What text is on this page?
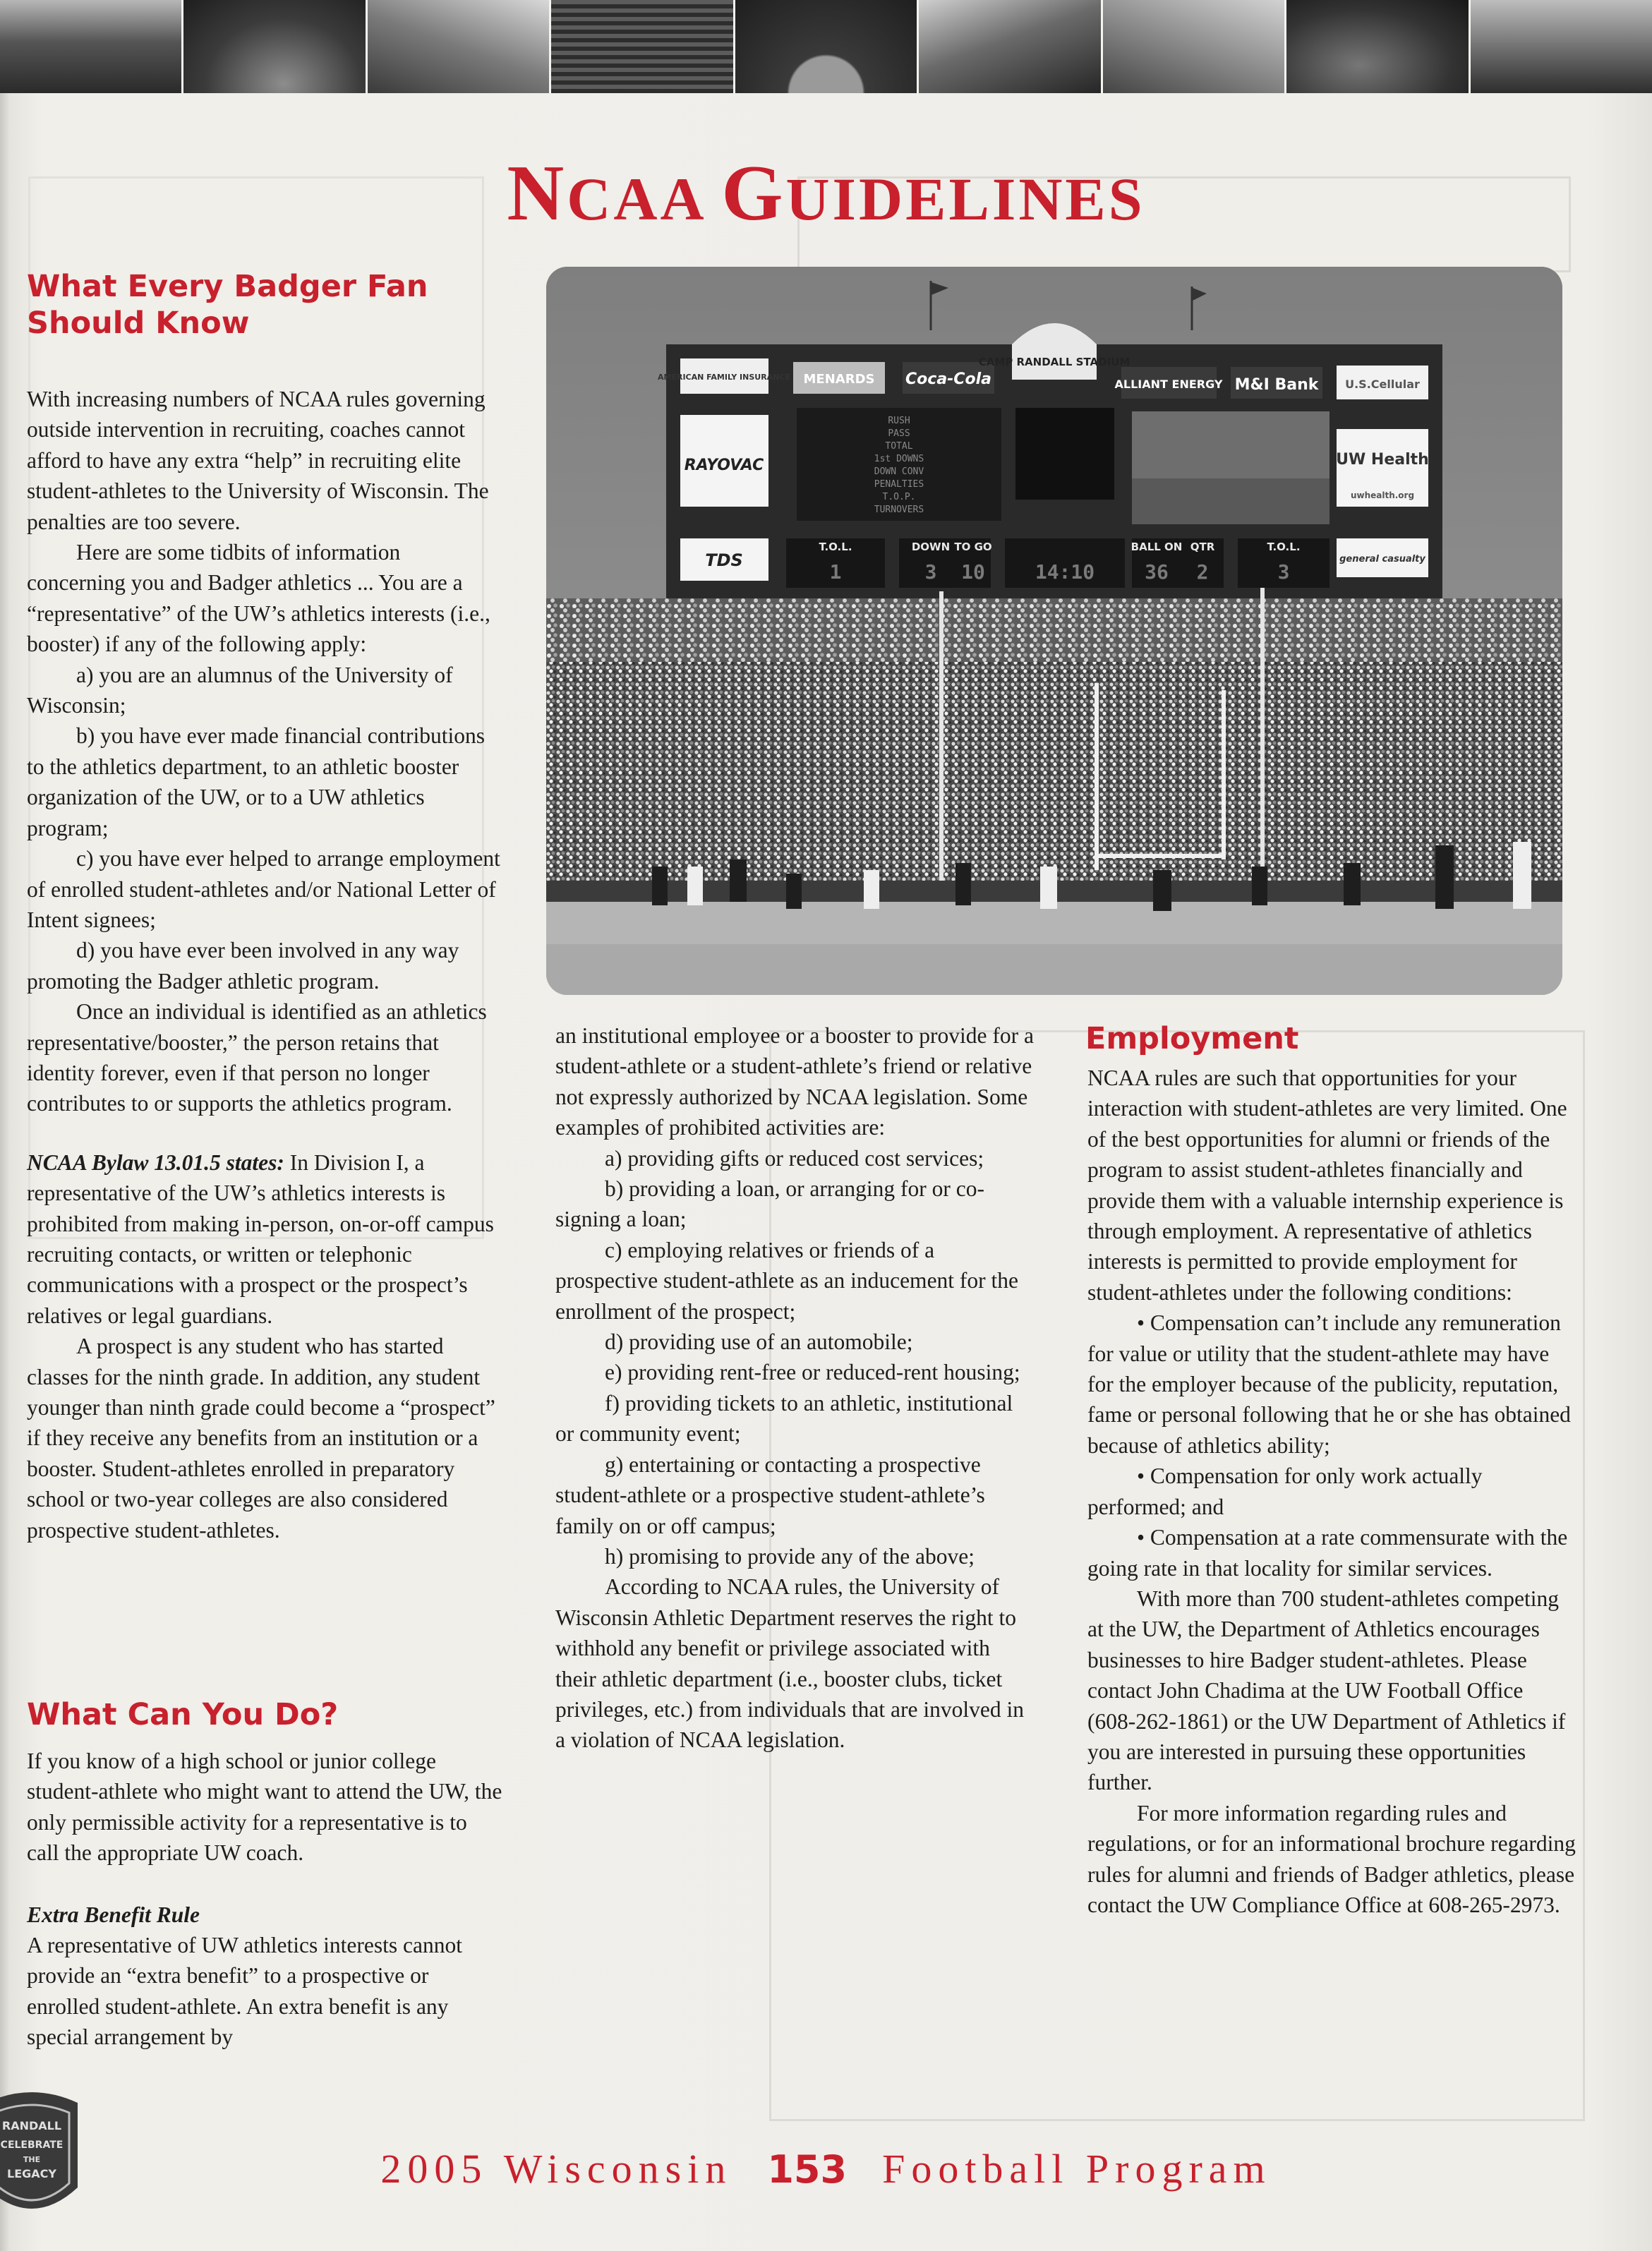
NCAA GUIDELINES
What Every Badger Fan
Should Know

With increasing numbers of NCAA rules governing outside intervention in recruiting, coaches cannot afford to have any extra “help” in recruiting elite student-athletes to the University of Wisconsin. The penalties are too severe.

Here are some tidbits of information concerning you and Badger athletics ... You are a “representative” of the UW’s athletics interests (i.e., booster) if any of the following apply:

a) you are an alumnus of the University of Wisconsin;

b) you have ever made financial contributions to the athletics department, to an athletic booster organization of the UW, or to a UW athletics program;

c) you have ever helped to arrange employment of enrolled student-athletes and/or National Letter of Intent signees;

d) you have ever been involved in any way promoting the Badger athletic program.

Once an individual is identified as an athletics representative/booster,” the person retains that identity forever, even if that person no longer contributes to or supports the athletics program.

NCAA Bylaw 13.01.5 states: In Division I, a representative of the UW’s athletics interests is prohibited from making in-person, on-or-off campus recruiting contacts, or written or telephonic communications with a prospect or the prospect’s relatives or legal guardians.

A prospect is any student who has started classes for the ninth grade. In addition, any student younger than ninth grade could become a “prospect” if they receive any benefits from an institution or a booster. Student-athletes enrolled in preparatory school or two-year colleges are also considered prospective student-athletes.

What Can You Do?

If you know of a high school or junior college student-athlete who might want to attend the UW, the only permissible activity for a representative is to call the appropriate UW coach.

Extra Benefit Rule

A representative of UW athletics interests cannot provide an “extra benefit” to a prospective or enrolled student-athlete. An extra benefit is any special arrangement by

AMERICAN FAMILY INSURANCE
RAYOVAC
TDS
MENARDS Coca-Cola	ALLIANT ENERGY M&I Bank U.S.Cellular
CAMP RANDALL STADIUM
UW Health
uwhealth.org
general casualty
RUSH
PASS
TOTAL
1st DOWNS
DOWN CONV
PENALTIES
T.O.P.
TURNOVERS
T.O.L.	DOWN TO GO	BALL ON QTR	T.O.L.
1	3 10	14:10	36 2	3

an institutional employee or a booster to provide for a student-athlete or a student-athlete’s friend or relative not expressly authorized by NCAA legislation. Some examples of prohibited activities are:

a) providing gifts or reduced cost services;

b) providing a loan, or arranging for or co-signing a loan;

c) employing relatives or friends of a prospective student-athlete as an inducement for the enrollment of the prospect;

d) providing use of an automobile;

e) providing rent-free or reduced-rent housing;

f) providing tickets to an athletic, institutional or community event;

g) entertaining or contacting a prospective student-athlete or a prospective student-athlete’s family on or off campus;

h) promising to provide any of the above;

According to NCAA rules, the University of Wisconsin Athletic Department reserves the right to withhold any benefit or privilege associated with their athletic department (i.e., booster clubs, ticket privileges, etc.) from individuals that are involved in a violation of NCAA legislation.

Employment

NCAA rules are such that opportunities for your interaction with student-athletes are very limited. One of the best opportunities for alumni or friends of the program to assist student-athletes financially and provide them with a valuable internship experience is through employment. A representative of athletics interests is permitted to provide employment for student-athletes under the following conditions:

• Compensation can’t include any remuneration for value or utility that the student-athlete may have for the employer because of the publicity, reputation, fame or personal following that he or she has obtained because of athletics ability;

• Compensation for only work actually performed; and

• Compensation at a rate commensurate with the going rate in that locality for similar services.

With more than 700 student-athletes competing at the UW, the Department of Athletics encourages businesses to hire Badger student-athletes. Please contact John Chadima at the UW Football Office (608-262-1861) or the UW Department of Athletics if you are interested in pursuing these opportunities further.

For more information regarding rules and regulations, or for an informational brochure regarding rules for alumni and friends of Badger athletics, please contact the UW Compliance Office at 608-265-2973.

RANDALL
CELEBRATE
THE
LEGACY	2005 Wisconsin 153 Football Program
